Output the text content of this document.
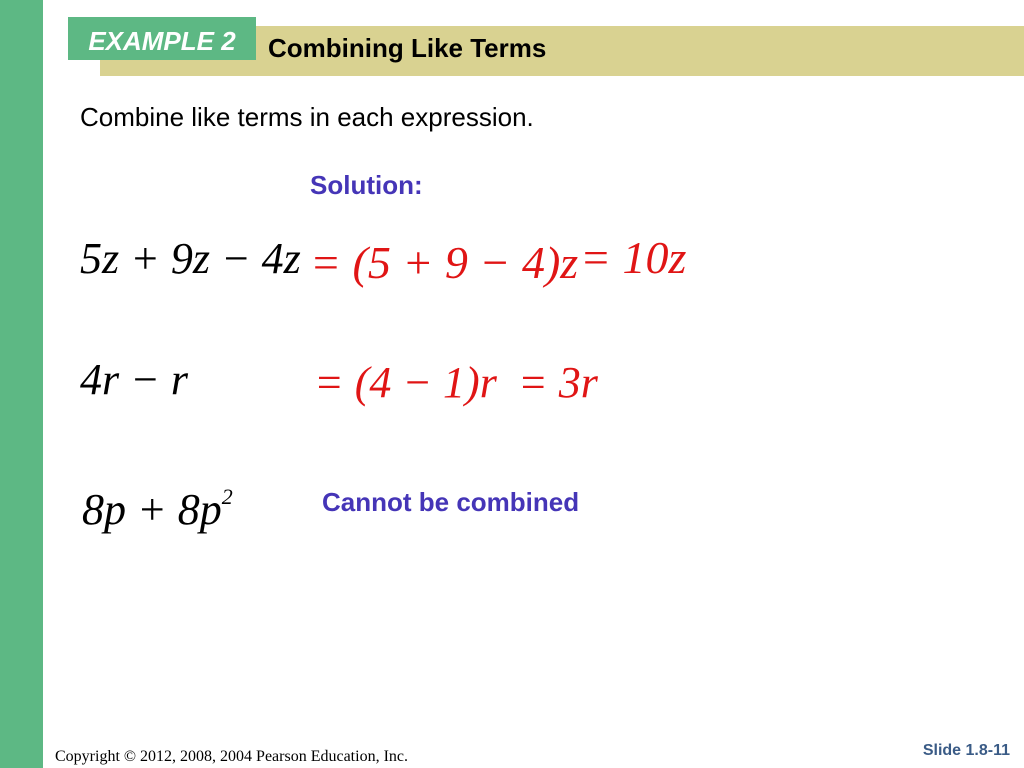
EXAMPLE 2	Combining Like Terms
Combine like terms in each expression.
Solution:
5z + 9z − 4z = (5 + 9 − 4)z = 10z
4r − r	= (4 − 1)r = 3r
$8p + 8p^2$	Cannot be combined
Copyright © 2012, 2008, 2004 Pearson Education, Inc.	Slide 1.8-11
